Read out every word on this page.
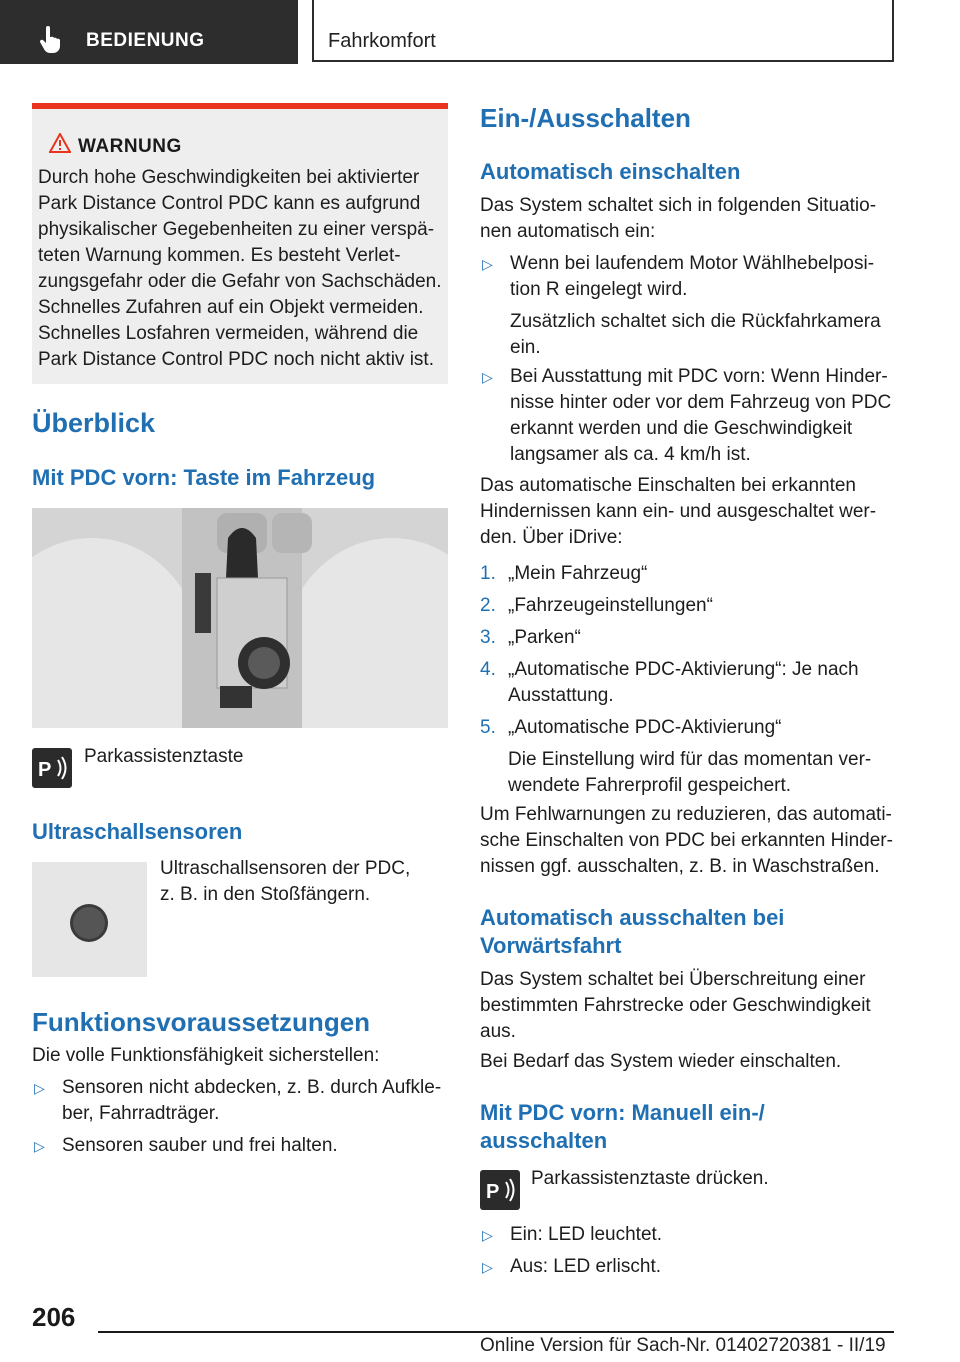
BEDIENUNG	Fahrkomfort
WARNUNG

Durch hohe Geschwindigkeiten bei aktivierter

Park Distance Control PDC kann es aufgrund

physikalischer Gegebenheiten zu einer verspä-

teten Warnung kommen. Es besteht Verlet-

zungsgefahr oder die Gefahr von Sachschäden.

Schnelles Zufahren auf ein Objekt vermeiden.

Schnelles Losfahren vermeiden, während die

Park Distance Control PDC noch nicht aktiv ist.

Überblick
Mit PDC vorn: Taste im Fahrzeug
P
Parkassistenztaste
Ultraschallsensoren

Ultraschallsensoren der PDC,

z. B. in den Stoßfängern.

Funktionsvoraussetzungen
Die volle Funktionsfähigkeit sicherstellen:
▷ Sensoren nicht abdecken, z. B. durch Aufkle-

ber, Fahrradträger.

▷ Sensoren sauber und frei halten.

Ein-/Ausschalten
Automatisch einschalten

Das System schaltet sich in folgenden Situatio-

nen automatisch ein:

▷ Wenn bei laufendem Motor Wählhebelposi-

tion R eingelegt wird.

Zusätzlich schaltet sich die Rückfahrkamera

ein.

▷ Bei Ausstattung mit PDC vorn: Wenn Hinder-

nisse hinter oder vor dem Fahrzeug von PDC

erkannt werden und die Geschwindigkeit

langsamer als ca. 4 km/h ist.

Das automatische Einschalten bei erkannten

Hindernissen kann ein- und ausgeschaltet wer-

den. Über iDrive:

1. „Mein Fahrzeug“

2. „Fahrzeugeinstellungen“

3. „Parken“

4. „Automatische PDC-Aktivierung“: Je nach

Ausstattung.

5. „Automatische PDC-Aktivierung“

Die Einstellung wird für das momentan ver-

wendete Fahrerprofil gespeichert.

Um Fehlwarnungen zu reduzieren, das automati-

sche Einschalten von PDC bei erkannten Hinder-

nissen ggf. ausschalten, z. B. in Waschstraßen.

Automatisch ausschalten bei
Vorwärtsfahrt

Das System schaltet bei Überschreitung einer

bestimmten Fahrstrecke oder Geschwindigkeit

aus.

Bei Bedarf das System wieder einschalten.
Mit PDC vorn: Manuell ein-/
ausschalten
P
Parkassistenztaste drücken.
▷ Ein: LED leuchtet.

▷ Aus: LED erlischt.

206
Online Version für Sach-Nr. 01402720381 - II/19
